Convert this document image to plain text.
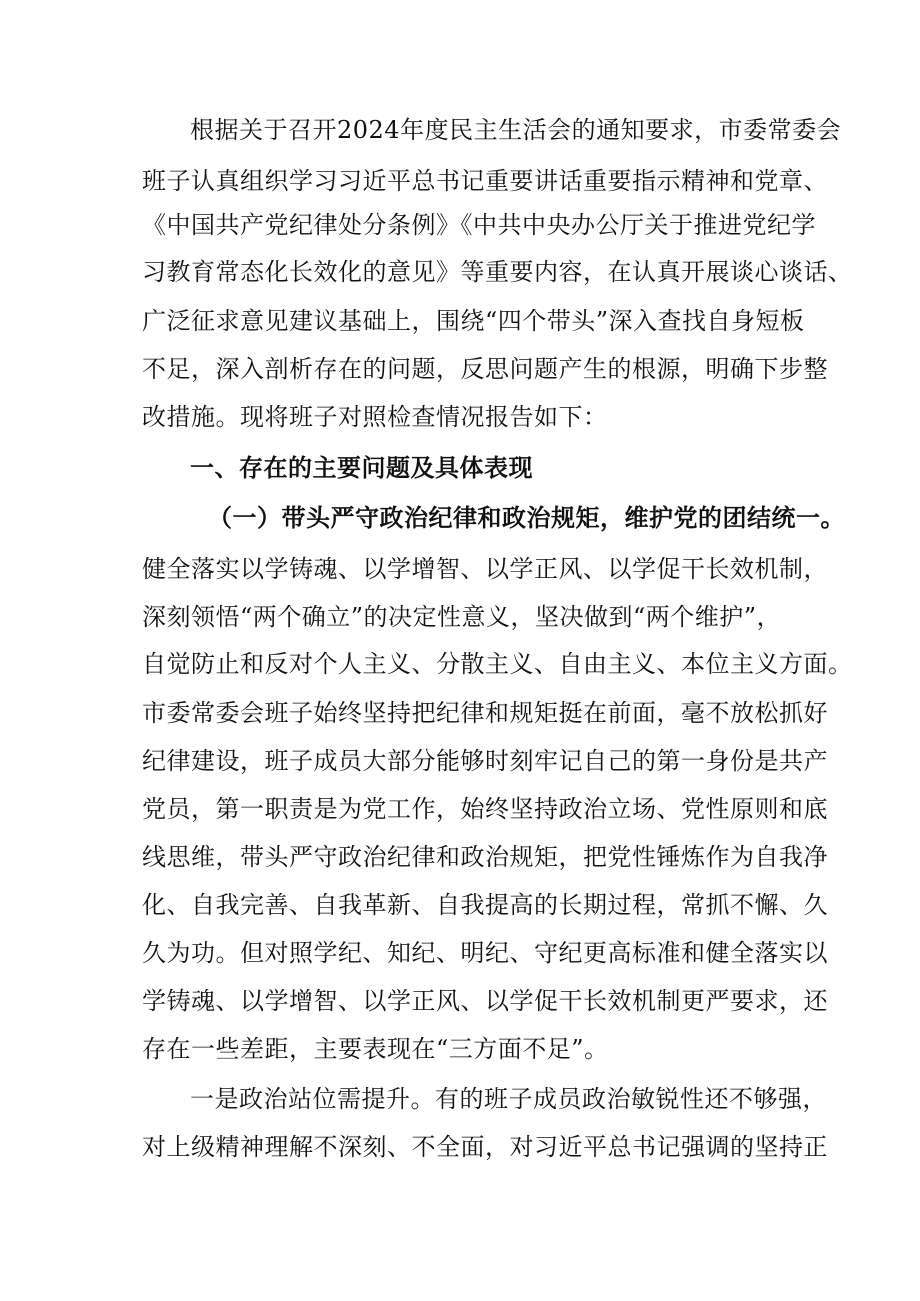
根据关于召开2024年度民主生活会的通知要求，市委常委会
班子认真组织学习习近平总书记重要讲话重要指示精神和党章、
《中国共产党纪律处分条例》《中共中央办公厅关于推进党纪学
习教育常态化长效化的意见》等重要内容，在认真开展谈心谈话、
广泛征求意见建议基础上，围绕“四个带头”深入查找自身短板
不足，深入剖析存在的问题，反思问题产生的根源，明确下步整
改措施。现将班子对照检查情况报告如下：
一、存在的主要问题及具体表现
（一）带头严守政治纪律和政治规矩，维护党的团结统一。
健全落实以学铸魂、以学增智、以学正风、以学促干长效机制，
深刻领悟“两个确立”的决定性意义，坚决做到“两个维护”，
自觉防止和反对个人主义、分散主义、自由主义、本位主义方面。
市委常委会班子始终坚持把纪律和规矩挺在前面，毫不放松抓好
纪律建设，班子成员大部分能够时刻牢记自己的第一身份是共产
党员，第一职责是为党工作，始终坚持政治立场、党性原则和底
线思维，带头严守政治纪律和政治规矩，把党性锤炼作为自我净
化、自我完善、自我革新、自我提高的长期过程，常抓不懈、久
久为功。但对照学纪、知纪、明纪、守纪更高标准和健全落实以
学铸魂、以学增智、以学正风、以学促干长效机制更严要求，还
存在一些差距，主要表现在“三方面不足”。
一是政治站位需提升。有的班子成员政治敏锐性还不够强，
对上级精神理解不深刻、不全面，对习近平总书记强调的坚持正
